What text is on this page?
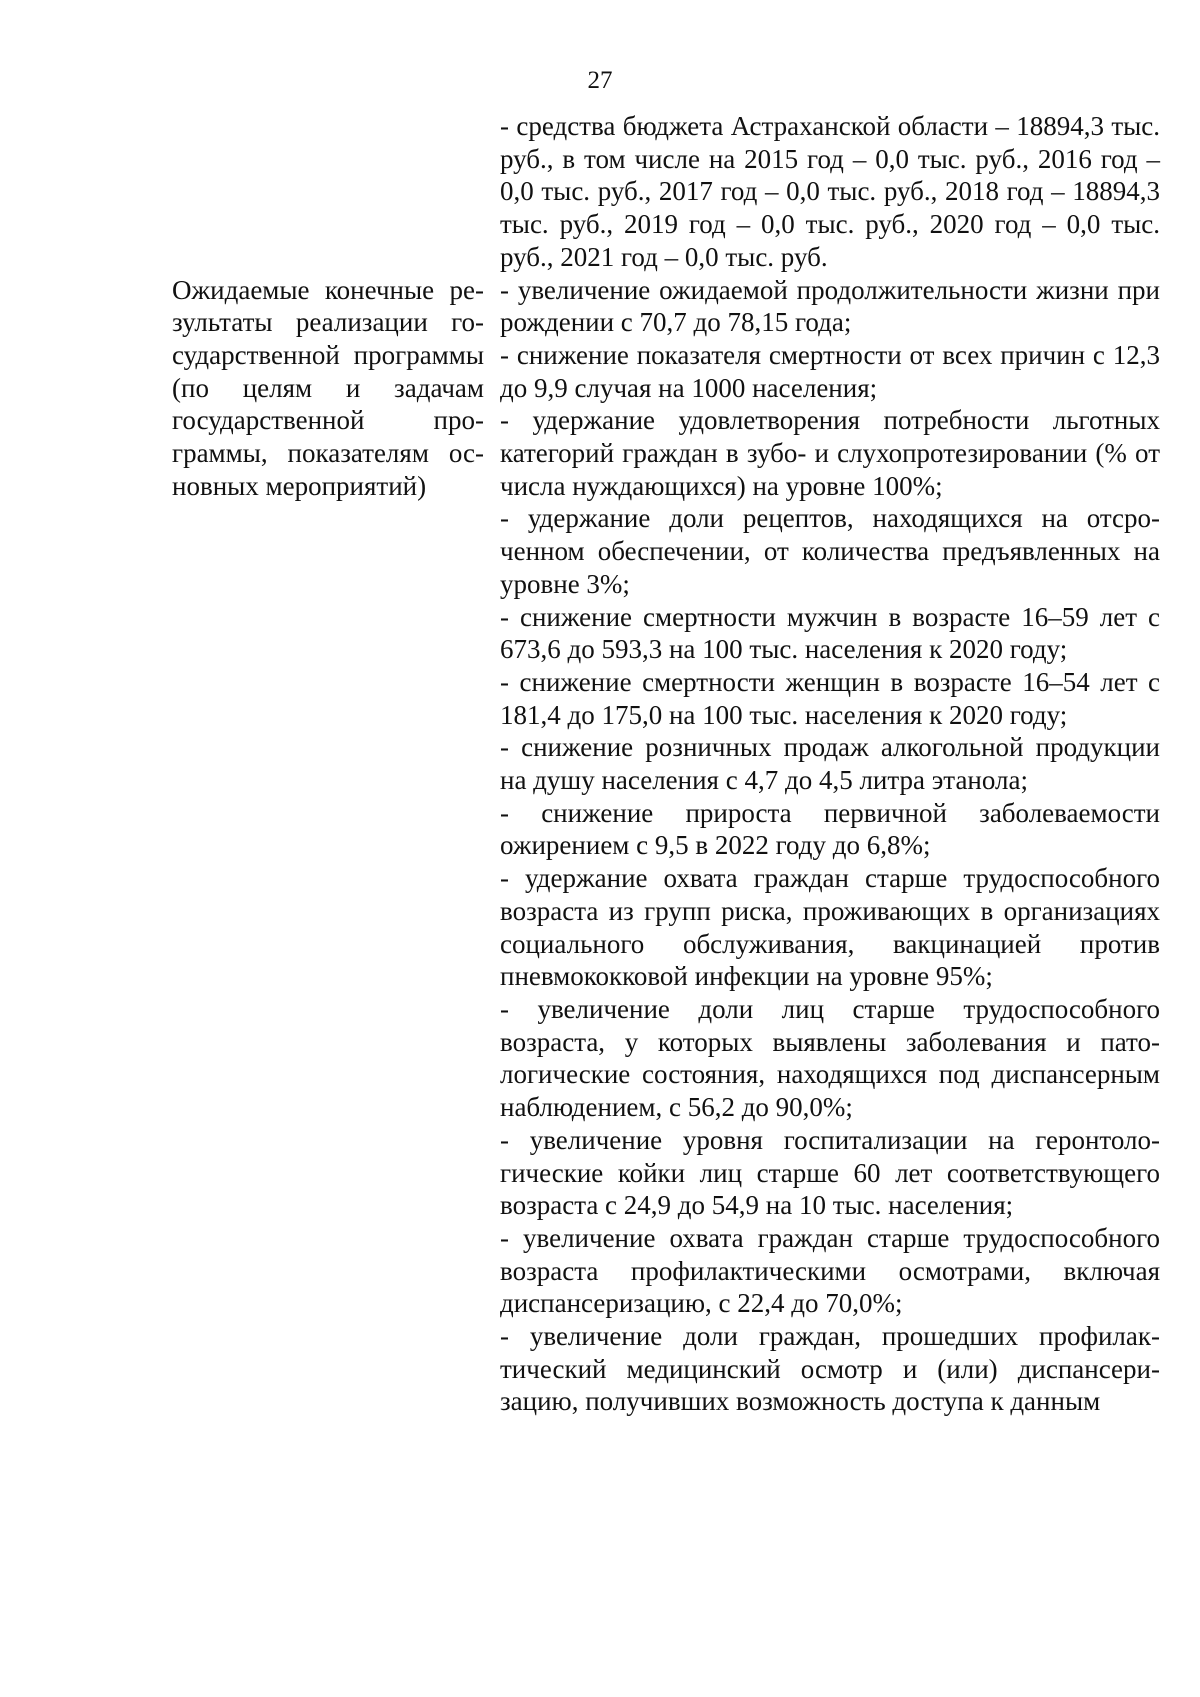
27
- средства бюджета Астраханской области – 18894,3 тыс. руб., в том числе на 2015 год – 0,0 тыс. руб., 2016 год – 0,0 тыс. руб., 2017 год – 0,0 тыс. руб., 2018 год – 18894,3 тыс. руб., 2019 год – 0,0 тыс. руб., 2020 год – 0,0 тыс. руб., 2021 год – 0,0 тыс. руб.
Ожидаемые конечные результаты реализации государственной программы (по целям и задачам государственной программы, показателям основных мероприятий)
- увеличение ожидаемой продолжительности жизни при рождении с 70,7 до 78,15 года;
- снижение показателя смертности от всех причин с 12,3 до 9,9 случая на 1000 населения;
- удержание удовлетворения потребности льготных категорий граждан в зубо- и слухопротезировании (% от числа нуждающихся) на уровне 100%;
- удержание доли рецептов, находящихся на отсроченном обеспечении, от количества предъявленных на уровне 3%;
- снижение смертности мужчин в возрасте 16–59 лет с 673,6 до 593,3 на 100 тыс. населения к 2020 году;
- снижение смертности женщин в возрасте 16–54 лет с 181,4 до 175,0 на 100 тыс. населения к 2020 году;
- снижение розничных продаж алкогольной продукции на душу населения с 4,7 до 4,5 литра этанола;
- снижение прироста первичной заболеваемости ожирением с 9,5 в 2022 году до 6,8%;
- удержание охвата граждан старше трудоспособного возраста из групп риска, проживающих в организациях социального обслуживания, вакцинацией против пневмококковой инфекции на уровне 95%;
- увеличение доли лиц старше трудоспособного возраста, у которых выявлены заболевания и патологические состояния, находящихся под диспансерным наблюдением, с 56,2 до 90,0%;
- увеличение уровня госпитализации на геронтологические койки лиц старше 60 лет соответствующего возраста с 24,9 до 54,9 на 10 тыс. населения;
- увеличение охвата граждан старше трудоспособного возраста профилактическими осмотрами, включая диспансеризацию, с 22,4 до 70,0%;
- увеличение доли граждан, прошедших профилактический медицинский осмотр и (или) диспансеризацию, получивших возможность доступа к данным
